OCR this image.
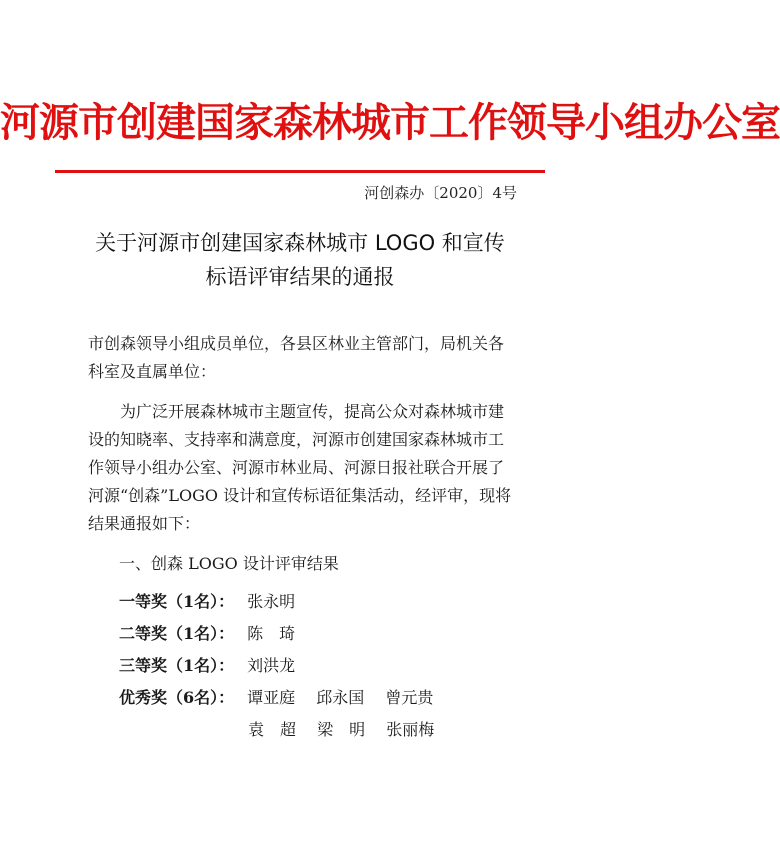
河源市创建国家森林城市工作领导小组办公室
河创森办〔2020〕4号
关于河源市创建国家森林城市 LOGO 和宣传
标语评审结果的通报
市创森领导小组成员单位，各县区林业主管部门，局机关各
科室及直属单位：
为广泛开展森林城市主题宣传，提高公众对森林城市建
设的知晓率、支持率和满意度，河源市创建国家森林城市工
作领导小组办公室、河源市林业局、河源日报社联合开展了
河源“创森”LOGO 设计和宣传标语征集活动，经评审，现将
结果通报如下：
一、创森 LOGO 设计评审结果
一等奖（1名）： 张永明
二等奖（1名）： 陈　琦
三等奖（1名）： 刘洪龙
优秀奖（6名）： 谭亚庭 邱永国 曾元贵
袁　超 梁　明 张丽梅
